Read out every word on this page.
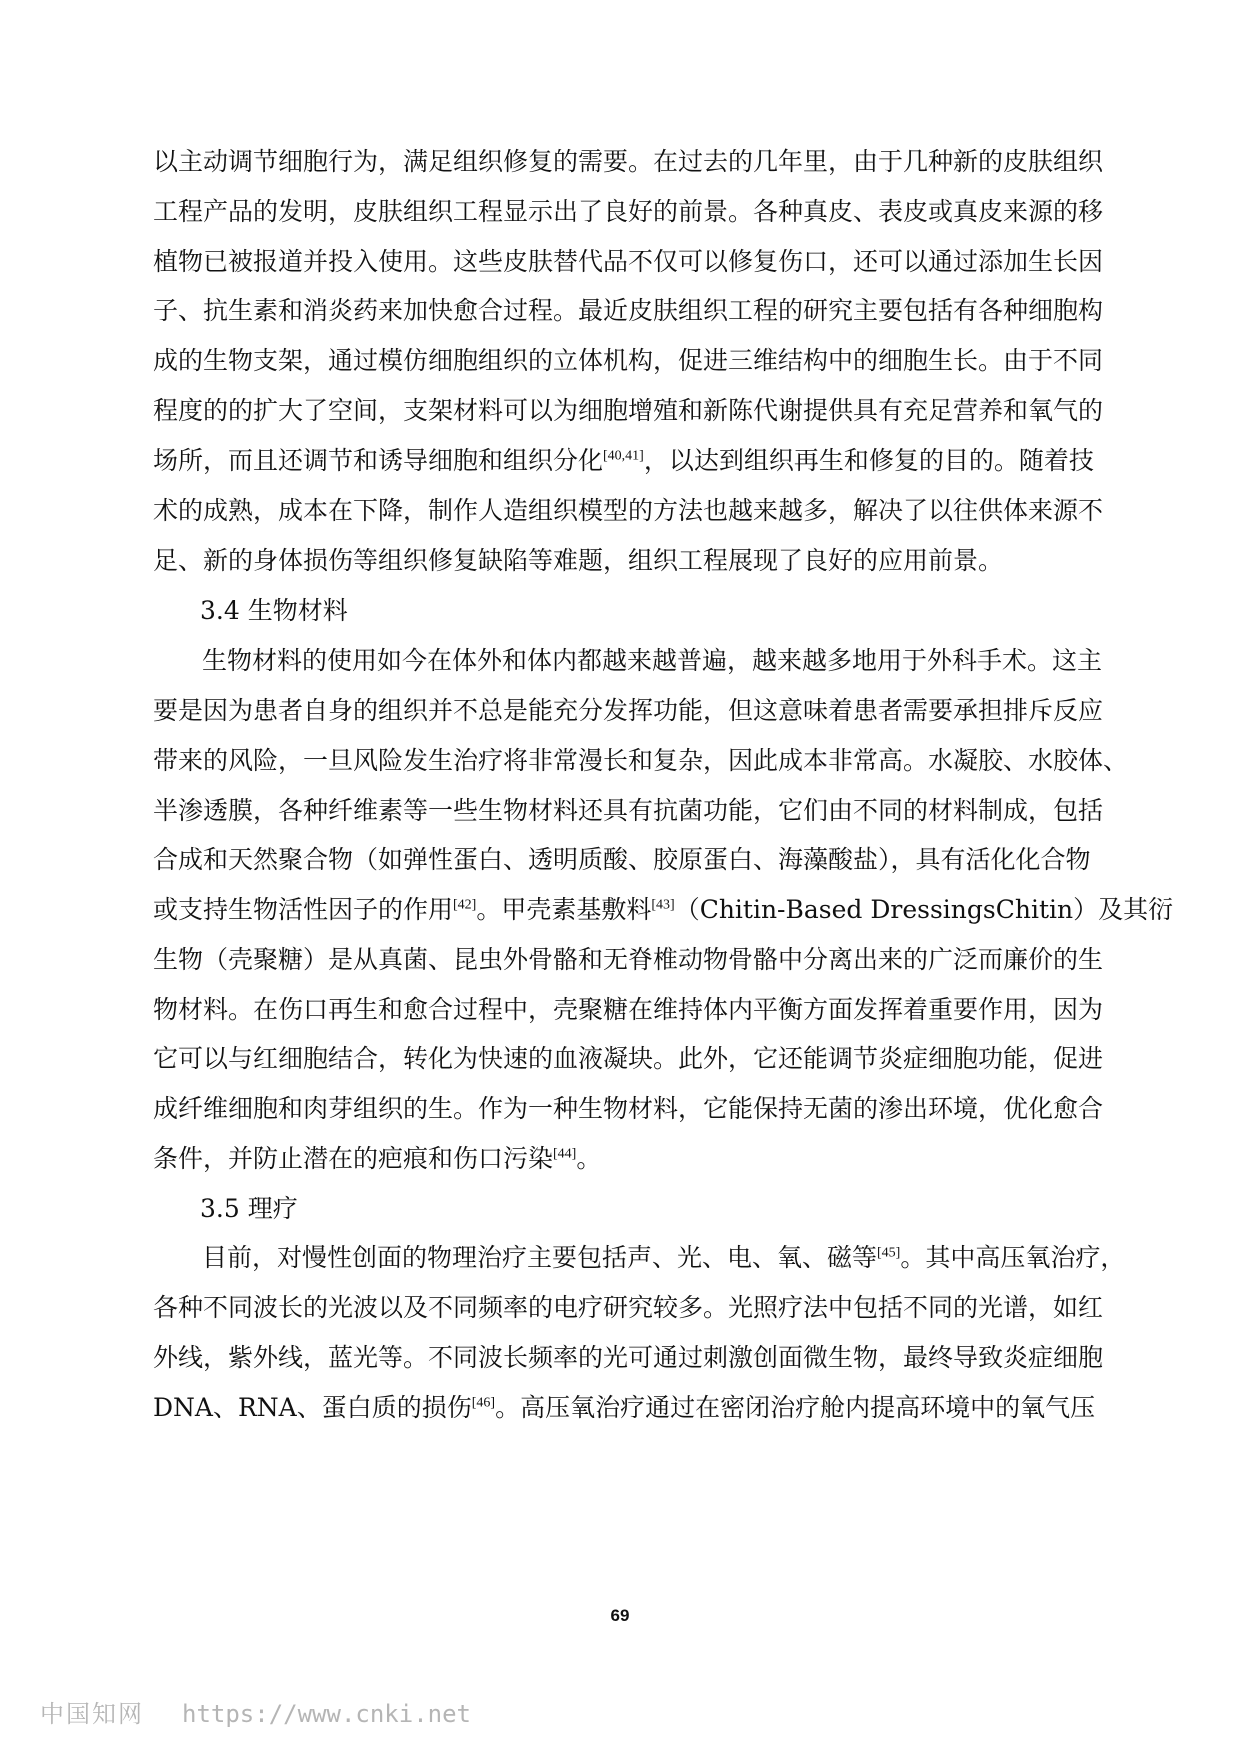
以主动调节细胞行为，满足组织修复的需要。在过去的几年里，由于几种新的皮肤组织
工程产品的发明，皮肤组织工程显示出了良好的前景。各种真皮、表皮或真皮来源的移
植物已被报道并投入使用。这些皮肤替代品不仅可以修复伤口，还可以通过添加生长因
子、抗生素和消炎药来加快愈合过程。最近皮肤组织工程的研究主要包括有各种细胞构
成的生物支架，通过模仿细胞组织的立体机构，促进三维结构中的细胞生长。由于不同
程度的的扩大了空间，支架材料可以为细胞增殖和新陈代谢提供具有充足营养和氧气的
场所，而且还调节和诱导细胞和组织分化[40,41]，以达到组织再生和修复的目的。随着技
术的成熟，成本在下降，制作人造组织模型的方法也越来越多，解决了以往供体来源不
足、新的身体损伤等组织修复缺陷等难题，组织工程展现了良好的应用前景。
3.4 生物材料
生物材料的使用如今在体外和体内都越来越普遍，越来越多地用于外科手术。这主
要是因为患者自身的组织并不总是能充分发挥功能，但这意味着患者需要承担排斥反应
带来的风险，一旦风险发生治疗将非常漫长和复杂，因此成本非常高。水凝胶、水胶体、
半渗透膜，各种纤维素等一些生物材料还具有抗菌功能，它们由不同的材料制成，包括
合成和天然聚合物（如弹性蛋白、透明质酸、胶原蛋白、海藻酸盐），具有活化化合物
或支持生物活性因子的作用[42]。甲壳素基敷料[43]（Chitin-Based DressingsChitin）及其衍
生物（壳聚糖）是从真菌、昆虫外骨骼和无脊椎动物骨骼中分离出来的广泛而廉价的生
物材料。在伤口再生和愈合过程中，壳聚糖在维持体内平衡方面发挥着重要作用，因为
它可以与红细胞结合，转化为快速的血液凝块。此外，它还能调节炎症细胞功能，促进
成纤维细胞和肉芽组织的生。作为一种生物材料，它能保持无菌的渗出环境，优化愈合
条件，并防止潜在的疤痕和伤口污染[44]。
3.5 理疗
目前，对慢性创面的物理治疗主要包括声、光、电、氧、磁等[45]。其中高压氧治疗，
各种不同波长的光波以及不同频率的电疗研究较多。光照疗法中包括不同的光谱，如红
外线，紫外线，蓝光等。不同波长频率的光可通过刺激创面微生物，最终导致炎症细胞
DNA、RNA、蛋白质的损伤[46]。高压氧治疗通过在密闭治疗舱内提高环境中的氧气压
69
中国知网 https://www.cnki.net
